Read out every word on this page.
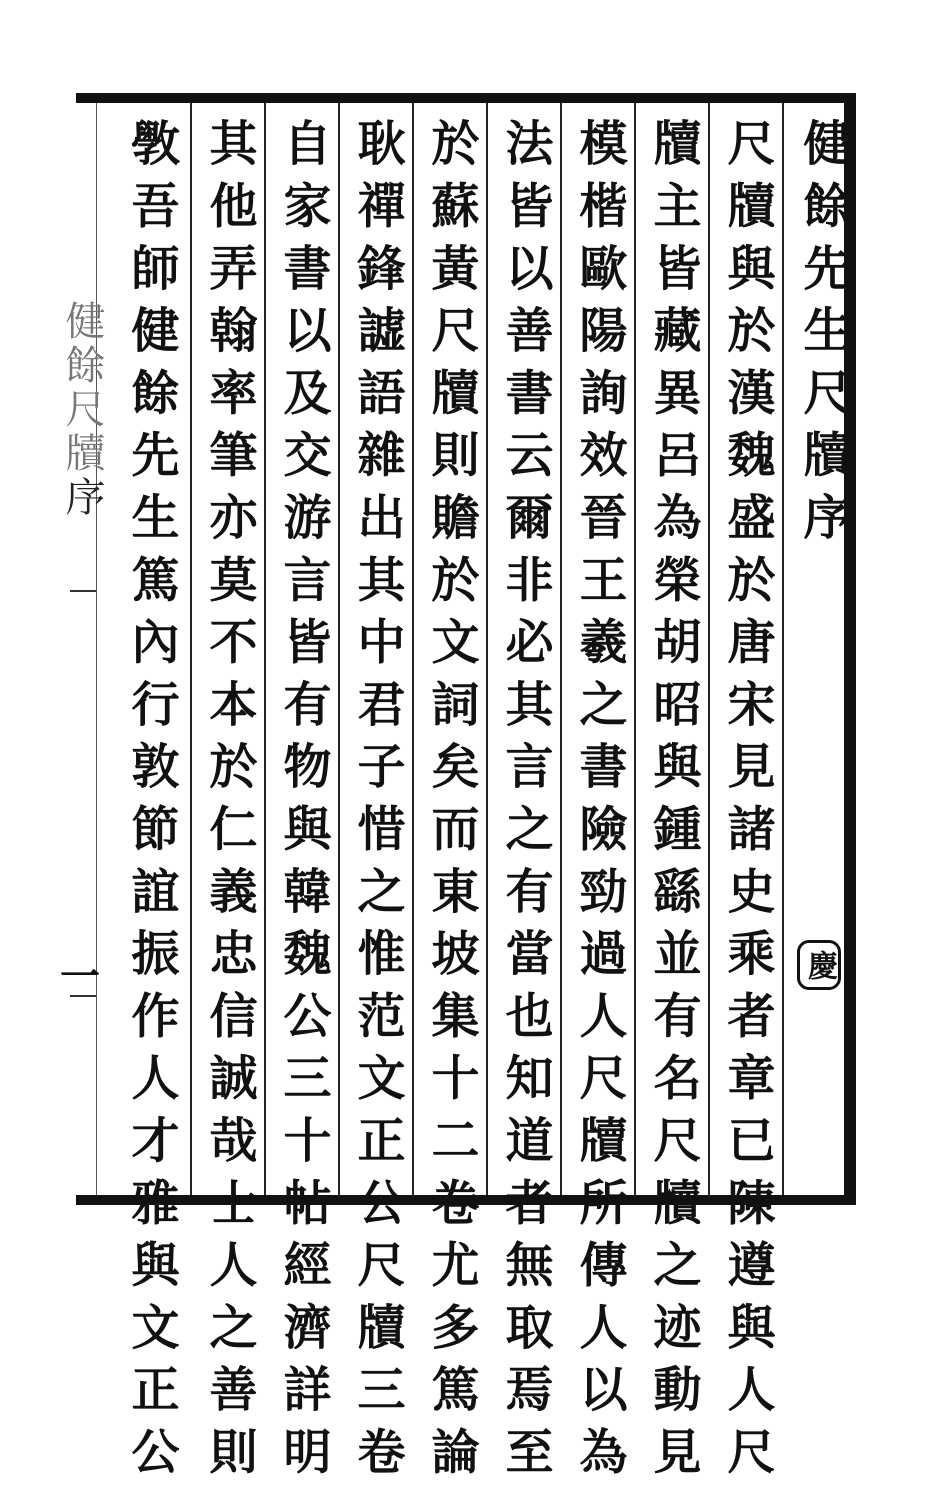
健餘先生尺牘序
慶
尺牘與於漢魏盛於唐宋見諸史乘者章已陳遵與人尺
牘主皆藏異呂為榮胡昭與鍾繇並有名尺牘之迹動見
模楷歐陽詢效晉王羲之書險勁過人尺牘所傳人以為
法皆以善書云爾非必其言之有當也知道者無取焉至
於蘇黃尺牘則贍於文詞矣而東坡集十二卷尤多篤論
耿禪鋒譃語雜出其中君子惜之惟范文正公尺牘三卷
自家書以及交游言皆有物與韓魏公三十帖經濟詳明
其他弄翰率筆亦莫不本於仁義忠信誠哉士人之善則
斆吾師健餘先生篤內行敦節誼振作人才雅與文正公
健餘尺牘序
一
